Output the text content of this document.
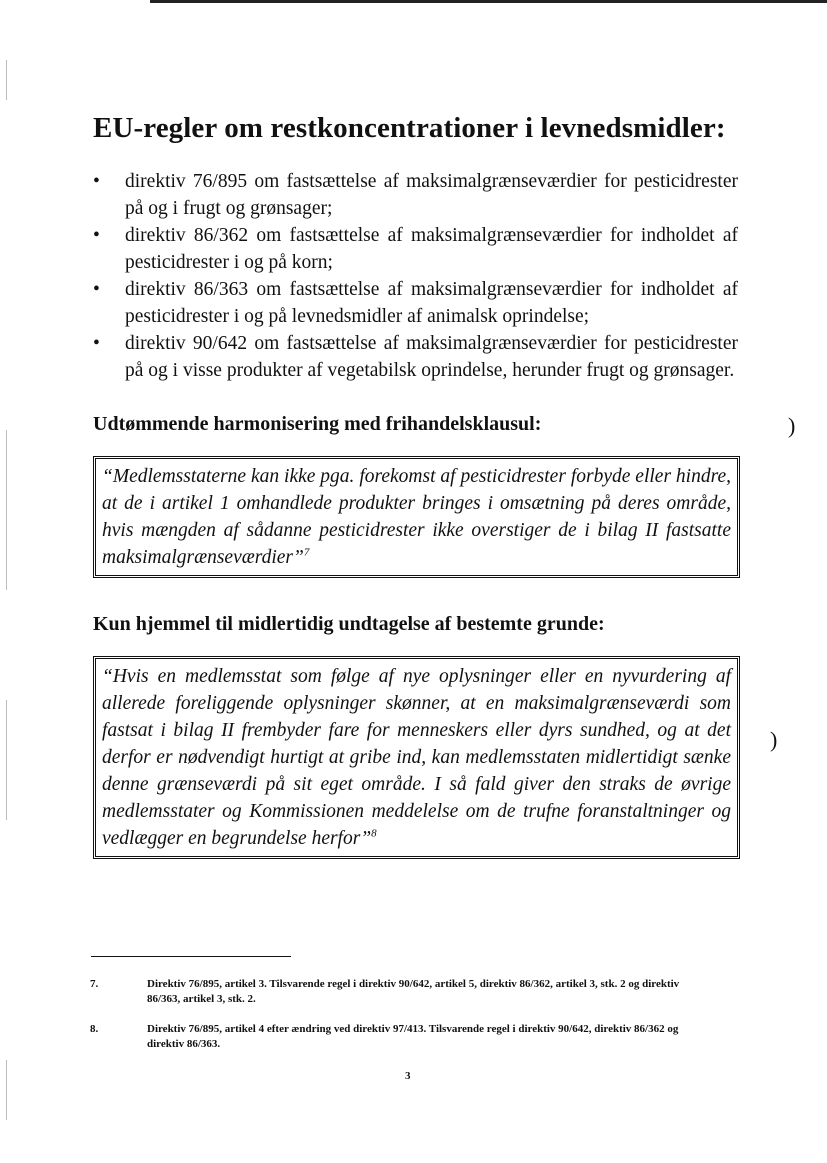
EU-regler om restkoncentrationer i levnedsmidler:
•	direktiv 76/895 om fastsættelse af maksimalgrænseværdier for pesticidrester på og i frugt og grønsager;
•	direktiv 86/362 om fastsættelse af maksimalgrænseværdier for indholdet af pesticidrester i og på korn;
•	direktiv 86/363 om fastsættelse af maksimalgrænseværdier for indholdet af pesticidrester i og på levnedsmidler af animalsk oprindelse;
•	direktiv 90/642 om fastsættelse af maksimalgrænseværdier for pesticidrester på og i visse produkter af vegetabilsk oprindelse, herunder frugt og grønsager.
Udtømmende harmonisering med frihandelsklausul:
“Medlemsstaterne kan ikke pga. forekomst af pesticidrester forbyde eller hindre, at de i artikel 1 omhandlede produkter bringes i omsætning på deres område, hvis mængden af sådanne pesticidrester ikke overstiger de i bilag II fastsatte maksimalgrænseværdier”$^7$
Kun hjemmel til midlertidig undtagelse af bestemte grunde:
“Hvis en medlemsstat som følge af nye oplysninger eller en nyvurdering af allerede foreliggende oplysninger skønner, at en maksimalgrænseværdi som fastsat i bilag II frembyder fare for menneskers eller dyrs sundhed, og at det derfor er nødvendigt hurtigt at gribe ind, kan medlemsstaten midlertidigt sænke denne grænseværdi på sit eget område. I så fald giver den straks de øvrige medlemsstater og Kommissionen meddelelse om de trufne foranstaltninger og vedlægger en begrundelse herfor”$^8$
)
)
7.	Direktiv 76/895, artikel 3. Tilsvarende regel i direktiv 90/642, artikel 5, direktiv 86/362, artikel 3, stk. 2 og direktiv 86/363, artikel 3, stk. 2.
8.	Direktiv 76/895, artikel 4 efter ændring ved direktiv 97/413. Tilsvarende regel i direktiv 90/642, direktiv 86/362 og direktiv 86/363.
3
